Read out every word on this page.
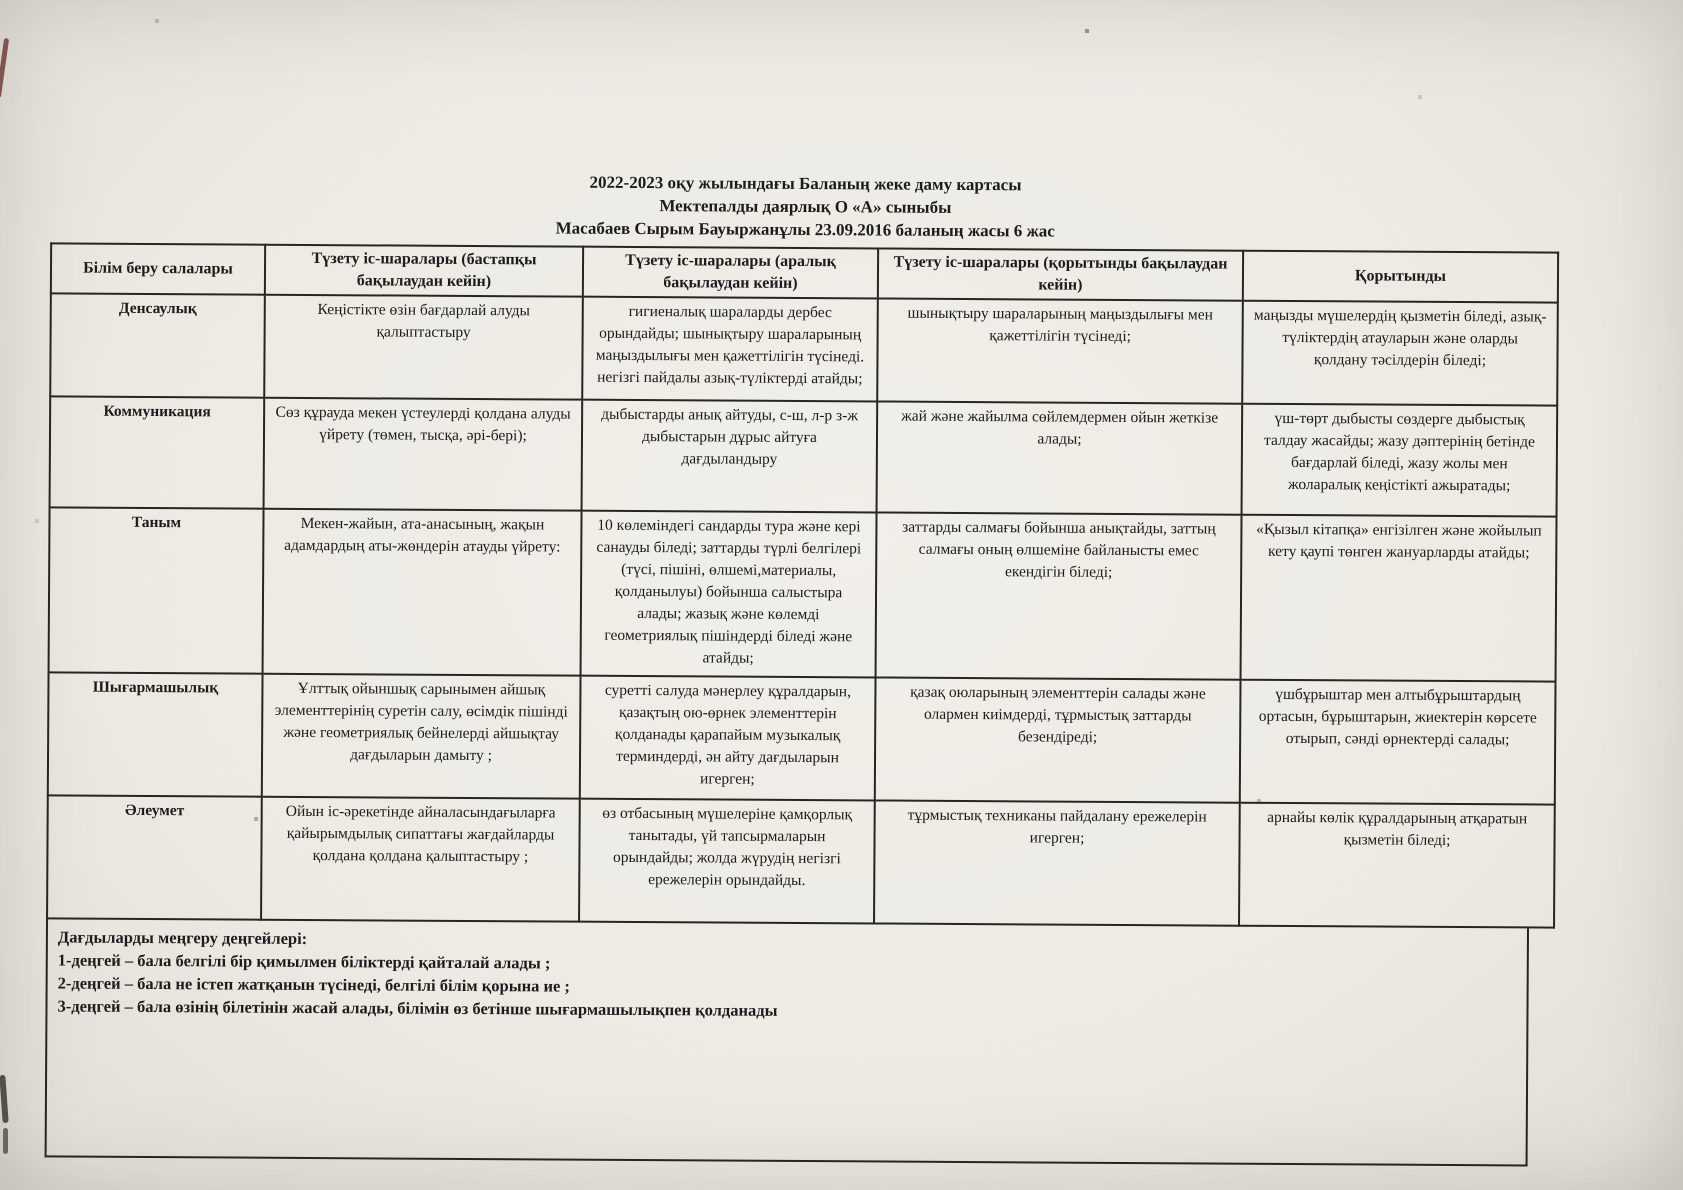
2022-2023 оқу жылындағы Баланың жеке даму картасы
Мектепалды даярлық О «А» сыныбы
Масабаев Сырым Бауыржанұлы 23.09.2016 баланың жасы 6 жас
Білім беру салалары	Түзету іс-шаралары (бастапқы бақылаудан кейін)	Түзету іс-шаралары (аралық бақылаудан кейін)	Түзету іс-шаралары (қорытынды бақылаудан кейін)	Қорытынды
Денсаулық	Кеңістікте өзін бағдарлай алуды қалыптастыру	гигиеналық шараларды дербес орындайды; шынықтыру шараларының маңыздылығы мен қажеттілігін түсінеді. негізгі пайдалы азық-түліктерді атайды;	шынықтыру шараларының маңыздылығы мен қажеттілігін түсінеді;	маңызды мүшелердің қызметін біледі, азық-түліктердің атауларын және оларды қолдану тәсілдерін біледі;
Коммуникация	Сөз құрауда мекен үстеулерді қолдана алуды үйрету (төмен, тысқа, әрі-бері);	дыбыстарды анық айтуды, с-ш, л-р з-ж дыбыстарын дұрыс айтуға дағдыландыру	жай және жайылма сөйлемдермен ойын жеткізе алады;	үш-төрт дыбысты сөздерге дыбыстық талдау жасайды; жазу дәптерінің бетінде бағдарлай біледі, жазу жолы мен жоларалық кеңістікті ажыратады;
Таным	Мекен-жайын, ата-анасының, жақын адамдардың аты-жөндерін атауды үйрету:	10 көлеміндегі сандарды тура және кері санауды біледі; заттарды түрлі белгілері (түсі, пішіні, өлшемі,материалы, қолданылуы) бойынша салыстыра алады; жазық және көлемді геометриялық пішіндерді біледі және атайды;	заттарды салмағы бойынша анықтайды, заттың салмағы оның өлшеміне байланысты емес екендігін біледі;	«Қызыл кітапқа» енгізілген және жойылып кету қаупі төнген жануарларды атайды;
Шығармашылық	Ұлттық ойыншық сарынымен айшық элементтерінің суретін салу, өсімдік пішінді және геометриялық бейнелерді айшықтау дағдыларын дамыту ;	суретті салуда мәнерлеу құралдарын, қазақтың ою-өрнек элементтерін қолданады қарапайым музыкалық терминдерді, ән айту дағдыларын игерген;	қазақ оюларының элементтерін салады және олармен киімдерді, тұрмыстық заттарды безендіреді;	үшбұрыштар мен алтыбұрыштардың ортасын, бұрыштарын, жиектерін көрсете отырып, сәнді өрнектерді салады;
Әлеумет	Ойын іс-әрекетінде айналасындағыларға қайырымдылық сипаттағы жағдайларды қолдана қолдана қалыптастыру ;	өз отбасының мүшелеріне қамқорлық танытады, үй тапсырмаларын орындайды; жолда жүрудің негізгі ережелерін орындайды.	тұрмыстық техниканы пайдалану ережелерін игерген;	арнайы көлік құралдарының атқаратын қызметін біледі;
Дағдыларды меңгеру деңгейлері:
1-деңгей – бала белгілі бір қимылмен біліктерді қайталай алады ;
2-деңгей – бала не істеп жатқанын түсінеді, белгілі білім қорына ие ;
3-деңгей – бала өзінің білетінін жасай алады, білімін өз бетінше шығармашылықпен қолданады
